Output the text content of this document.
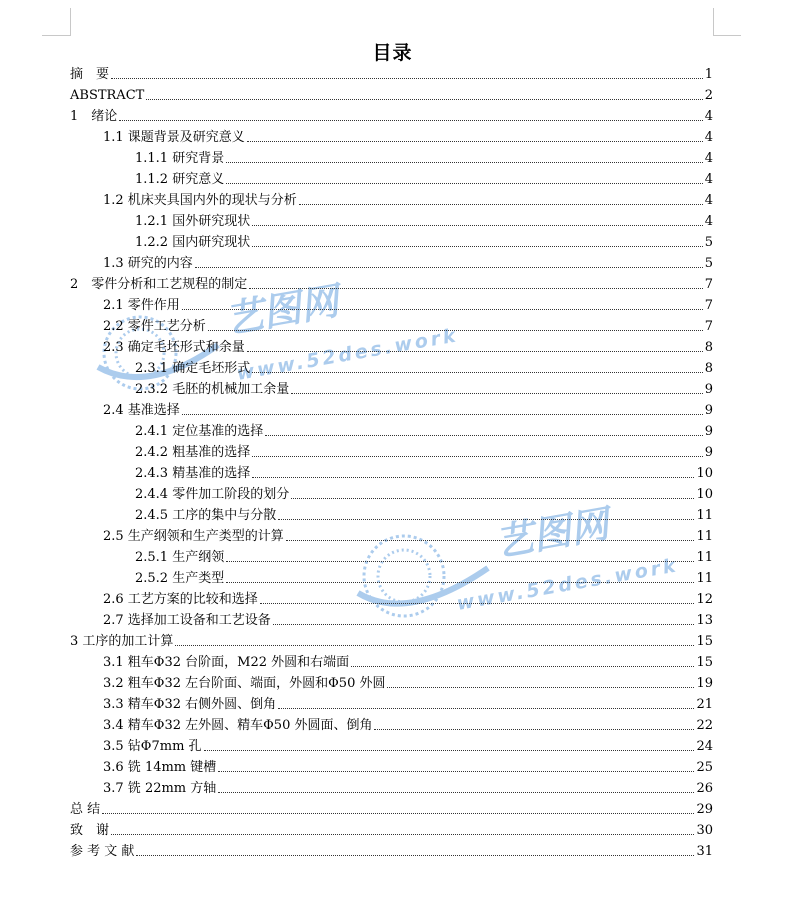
目录
艺图网
www.52des.work
艺图网
www.52des.work
摘　要	1
ABSTRACT	2
1　绪论	4
1.1 课题背景及研究意义	4
1.1.1 研究背景	4
1.1.2 研究意义	4
1.2 机床夹具国内外的现状与分析	4
1.2.1 国外研究现状	4
1.2.2 国内研究现状	5
1.3 研究的内容	5
2　零件分析和工艺规程的制定	7
2.1 零件作用	7
2.2 零件工艺分析	7
2.3 确定毛坯形式和余量	8
2.3.1 确定毛坯形式	8
2.3.2 毛胚的机械加工余量	9
2.4 基准选择	9
2.4.1 定位基准的选择	9
2.4.2 粗基准的选择	9
2.4.3 精基准的选择	10
2.4.4 零件加工阶段的划分	10
2.4.5 工序的集中与分散	11
2.5 生产纲领和生产类型的计算	11
2.5.1 生产纲领	11
2.5.2 生产类型	11
2.6 工艺方案的比较和选择	12
2.7 选择加工设备和工艺设备	13
3 工序的加工计算	15
3.1 粗车Φ32 台阶面，M22 外圆和右端面	15
3.2 粗车Φ32 左台阶面、端面，外圆和Φ50 外圆	19
3.3 精车Φ32 右侧外圆、倒角	21
3.4 精车Φ32 左外圆、精车Φ50 外圆面、倒角	22
3.5 钻Φ7mm 孔	24
3.6 铣 14mm 键槽	25
3.7 铣 22mm 方轴	26
总 结	29
致　谢	30
参 考 文 献	31
